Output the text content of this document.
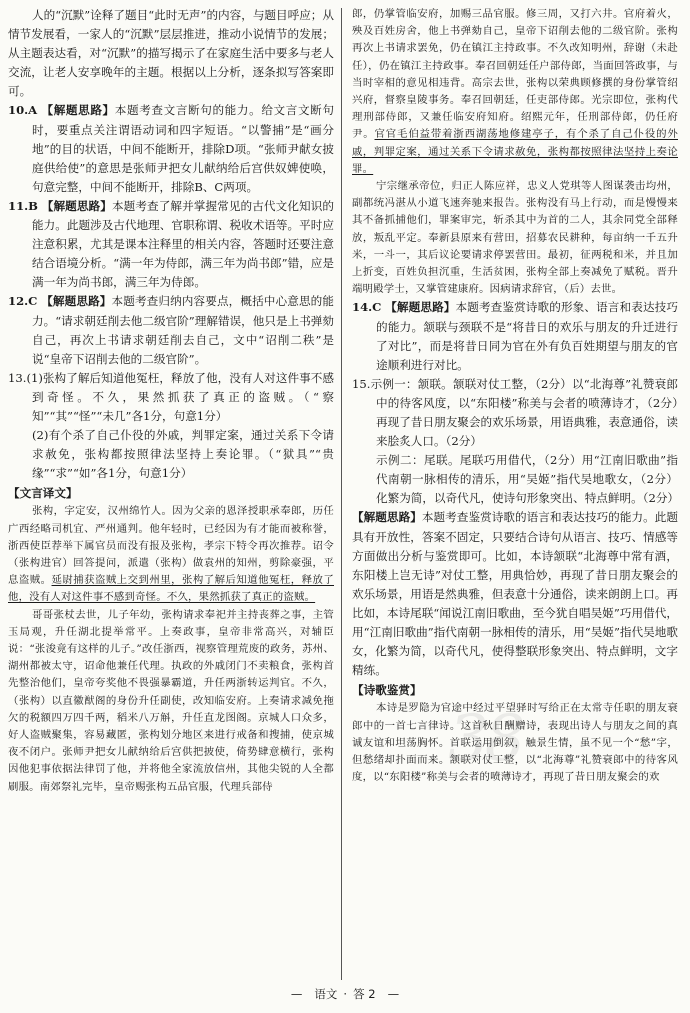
人的“沉默”诠释了题目“此时无声”的内容，与题目呼应；从情节发展看，一家人的“沉默”层层推进，推动小说情节的发展；从主题表达看，对“沉默”的描写揭示了在家庭生活中要多与老人交流，让老人安享晚年的主题。根据以上分析，逐条拟写答案即可。

10.A 【解题思路】本题考查文言断句的能力。给文言文断句时，要重点关注谓语动词和四字短语。“以警捕”是“画分地”的目的状语，中间不能断开，排除D项。“张师尹献女披庭供给使”的意思是张师尹把女儿献纳给后宫供奴婢使唤，句意完整，中间不能断开，排除B、C两项。

11.B 【解题思路】本题考查了解并掌握常见的古代文化知识的能力。此题涉及古代地理、官职称谓、税收术语等。平时应注意积累，尤其是课本注释里的相关内容，答题时还要注意结合语境分析。“满一年为侍郎，满三年为尚书郎”错，应是满一年为尚书郎，满三年为侍郎。

12.C 【解题思路】本题考查归纳内容要点，概括中心意思的能力。“请求朝廷削去他二级官阶”理解错误，他只是上书弹劾自己，再次上书请求朝廷削去自己，文中“诏削二秩”是说“皇帝下诏削去他的二级官阶”。

13.(1)张构了解后知道他冤枉，释放了他，没有人对这件事不感到奇怪。不久，果然抓获了真正的盗贼。（“察知”“其”“怪”“未几”各1分，句意1分）

(2)有个杀了自己仆役的外戚，判罪定案，通过关系下令请求赦免，张构都按照律法坚持上奏论罪。（“狱具”“贵缘”“求”“如”各1分，句意1分）

【文言译文】

张构，字定安，汉州绵竹人。因为父亲的恩泽授职承奉郎，历任广西经略司机宜、严州通判。他年轻时，已经因为有才能而被称誉，浙西使臣荐举下属官员而没有报及张构，孝宗下特令再次推荐。诏令（张构进官）回答提问，派遣（张构）做袁州的知州，剪除豪强，平息盗贼。延尉捕获盗贼上交到州里，张构了解后知道他冤枉，释放了他，没有人对这件事不感到奇怪。不久，果然抓获了真正的盗贼。

哥哥张杖去世，儿子年幼，张构请求奉祀并主持丧葬之事，主管玉局观，升任湖北提举常平。上奏政事，皇帝非常高兴，对辅臣说：“张浚竟有这样的儿子。”改任浙西，视察管理荒废的政务，苏州、湖州都被太守，诏命他兼任代理。执政的外戚闭门不卖粮食，张构首先整治他们，皇帝夸奖他不畏强暴霸道，升任两浙转运判官。不久，（张构）以直徽猷阁的身份升任副使，改知临安府。上奏请求减免拖欠的税额四万四千两，稻米八万斛，升任直龙图阁。京城人口众多，好人盗贼聚集，容易藏匿，张构划分地区来进行戒备和搜捕，使京城夜不闭户。张师尹把女儿献纳给后宫供把披使，倚势肆意横行，张构因他犯事依据法律罚了他，并将他全家流放信州，其他尖锐的人全都刷服。南郊祭礼完毕，皇帝赐张构五品官服，代理兵部侍

郎，仍掌管临安府，加赐三品官服。修三周，又打六井。官府着火，殃及百姓房舍，他上书弹劾自己，皇帝下诏削去他的二级官阶。张构再次上书请求罢免，仍在镇江主持政事。不久改知明州，辞谢（未赴任），仍在镇江主持政事。奉召回朝廷任户部侍郎，当面回答政事，与当时宰相的意见相违背。高宗去世，张构以荣典顾修撰的身份掌管绍兴府，督察皇陵事务。奉召回朝廷，任吏部侍郎。光宗即位，张构代理刑部侍郎，又兼任临安府知府。绍熙元年，任刑部侍郎，仍任府尹。官官毛伯益带着浙西湖荡地修建亭子，有个杀了自己仆役的外戚，判罪定案，通过关系下令请求赦免，张构都按照律法坚持上奏论罪。

宁宗继承帝位，归正人陈应祥，忠义人党琪等人图谋袭击均州，副都统冯湛从小道飞速奔驰来报告。张构没有马上行动，而是慢慢来其不备抓捕他们，罪案审完，斩杀其中为首的二人，其余同党全部释放，叛乱平定。奉新县原来有营田，招募农民耕种，每亩纳一千五升米，一斗一，其后议论要请求停罢营田。最初，征两税和米，并且加上折变，百姓负担沉重，生活贫困，张构全部上奏减免了赋税。晋升端明殿学士，又掌管建康府。因病请求辞官，（后）去世。

14.C 【解题思路】本题考查鉴赏诗歌的形象、语言和表达技巧的能力。颔联与颈联不是“将昔日的欢乐与朋友的升迁进行了对比”，而是将昔日同为官在外有负百姓期望与朋友的官途顺利进行对比。

15.示例一：颔联。颔联对仗工整，（2分）以“北海尊”礼赞衰郎中的待客风度，以“东阳楼”称美与会者的喷薄诗才，（2分）再现了昔日朋友聚会的欢乐场景，用语典雅，表意通俗，读来脍炙人口。（2分）

示例二：尾联。尾联巧用借代，（2分）用“江南旧歌曲”指代南朝一脉相传的清乐，用“吴姬”指代吴地歌女，（2分）化繁为简，以奇代凡，使诗句形象突出、特点鲜明。（2分）

【解题思路】本题考查鉴赏诗歌的语言和表达技巧的能力。此题具有开放性，答案不固定，只要结合诗句从语言、技巧、情感等方面做出分析与鉴赏即可。比如，本诗颔联“北海尊中常有酒，东阳楼上岂无诗”对仗工整，用典恰妙，再现了昔日朋友聚会的欢乐场景，用语是然典雅，但表意十分通俗，读来朗朗上口。再比如，本诗尾联“闻说江南旧歌曲，至今犹自唱吴姬”巧用借代，用“江南旧歌曲”指代南朝一脉相传的清乐，用“吴姬”指代吴地歌女，化繁为简，以奇代凡，使得整联形象突出、特点鲜明，文字精练。

【诗歌鉴赏】

本诗是罗隐为官途中经过平望驿时写给正在太常寺任职的朋友衰郎中的一首七言律诗。这首秋日酬赠诗，表现出诗人与朋友之间的真诚友谊和坦荡胸怀。首联运用倒叙，触景生情，虽不见一个“愁”字，但愁绪却扑面而来。颔联对仗工整，以“北海尊”礼赞衰郎中的待客风度，以“东阳楼”称美与会者的喷薄诗才，再现了昔日朋友聚会的欢

38
— 语文 · 答 2 —
